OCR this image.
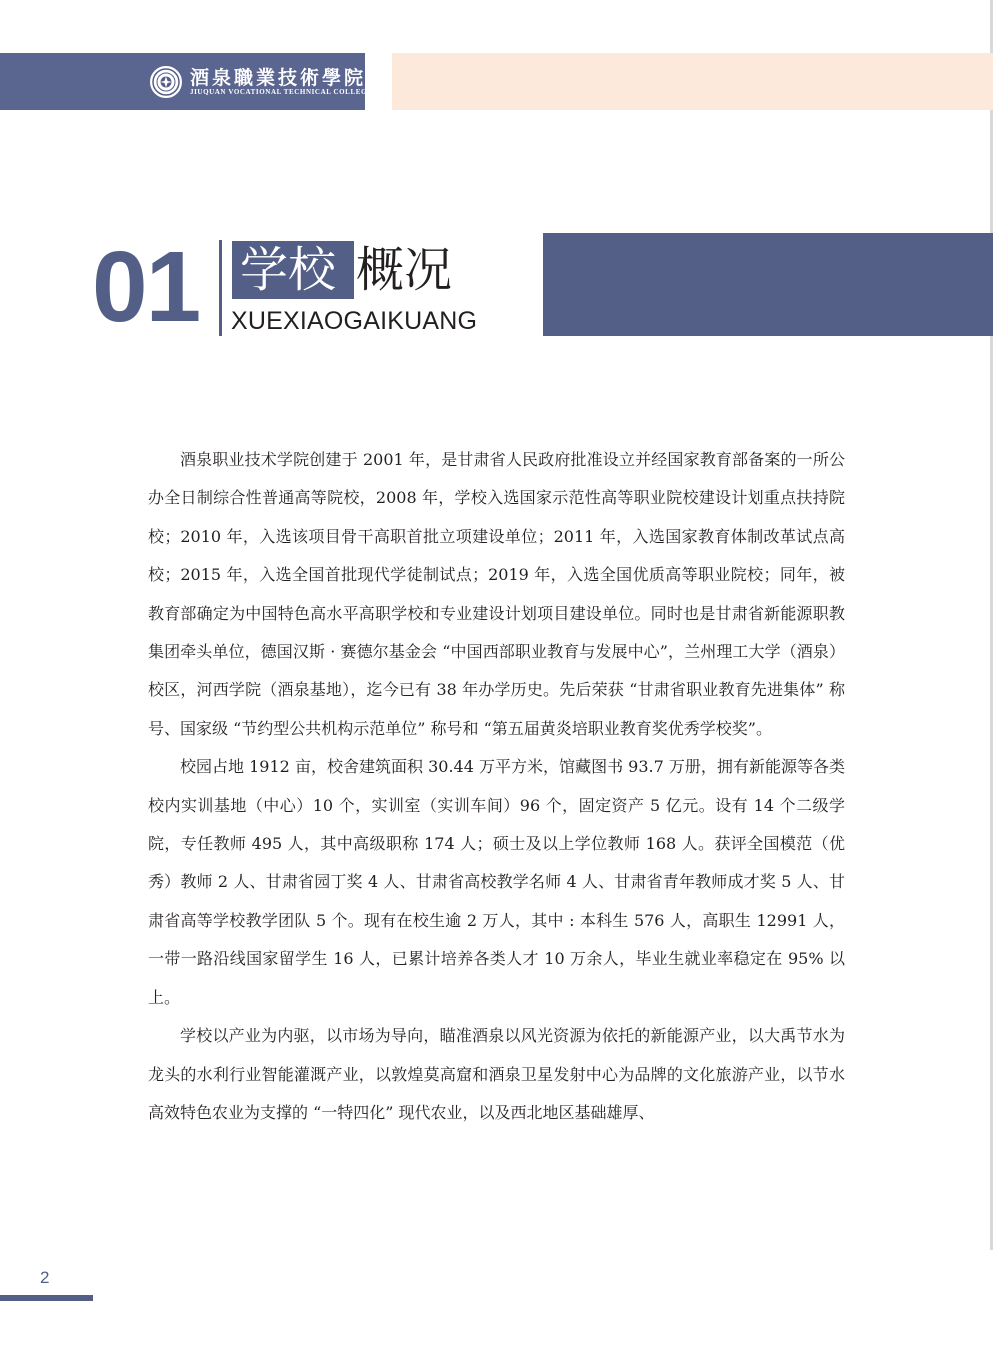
酒泉職業技術學院
JIUQUAN VOCATIONAL TECHNICAL COLLEGE
01 学校 概况
XUEXIAOGAIKUANG

酒泉职业技术学院创建于 2001 年，是甘肃省人民政府批准设立并经国家教育部备案的一所公办全日制综合性普通高等院校，2008 年，学校入选国家示范性高等职业院校建设计划重点扶持院校；2010 年，入选该项目骨干高职首批立项建设单位；2011 年，入选国家教育体制改革试点高校；2015 年，入选全国首批现代学徒制试点；2019 年，入选全国优质高等职业院校；同年，被教育部确定为中国特色高水平高职学校和专业建设计划项目建设单位。同时也是甘肃省新能源职教集团牵头单位，德国汉斯 · 赛德尔基金会 “中国西部职业教育与发展中心”，兰州理工大学（酒泉）校区，河西学院（酒泉基地），迄今已有 38 年办学历史。先后荣获 “甘肃省职业教育先进集体” 称号、国家级 “节约型公共机构示范单位” 称号和 “第五届黄炎培职业教育奖优秀学校奖”。

校园占地 1912 亩，校舍建筑面积 30.44 万平方米，馆藏图书 93.7 万册，拥有新能源等各类校内实训基地（中心）10 个，实训室（实训车间）96 个，固定资产 5 亿元。设有 14 个二级学院，专任教师 495 人，其中高级职称 174 人；硕士及以上学位教师 168 人。获评全国模范（优秀）教师 2 人、甘肃省园丁奖 4 人、甘肃省高校教学名师 4 人、甘肃省青年教师成才奖 5 人、甘肃省高等学校教学团队 5 个。现有在校生逾 2 万人，其中 : 本科生 576 人，高职生 12991 人，一带一路沿线国家留学生 16 人，已累计培养各类人才 10 万余人，毕业生就业率稳定在 95% 以上。

学校以产业为内驱，以市场为导向，瞄准酒泉以风光资源为依托的新能源产业，以大禹节水为龙头的水利行业智能灌溉产业，以敦煌莫高窟和酒泉卫星发射中心为品牌的文化旅游产业，以节水高效特色农业为支撑的 “一特四化” 现代农业，以及西北地区基础雄厚、

2
